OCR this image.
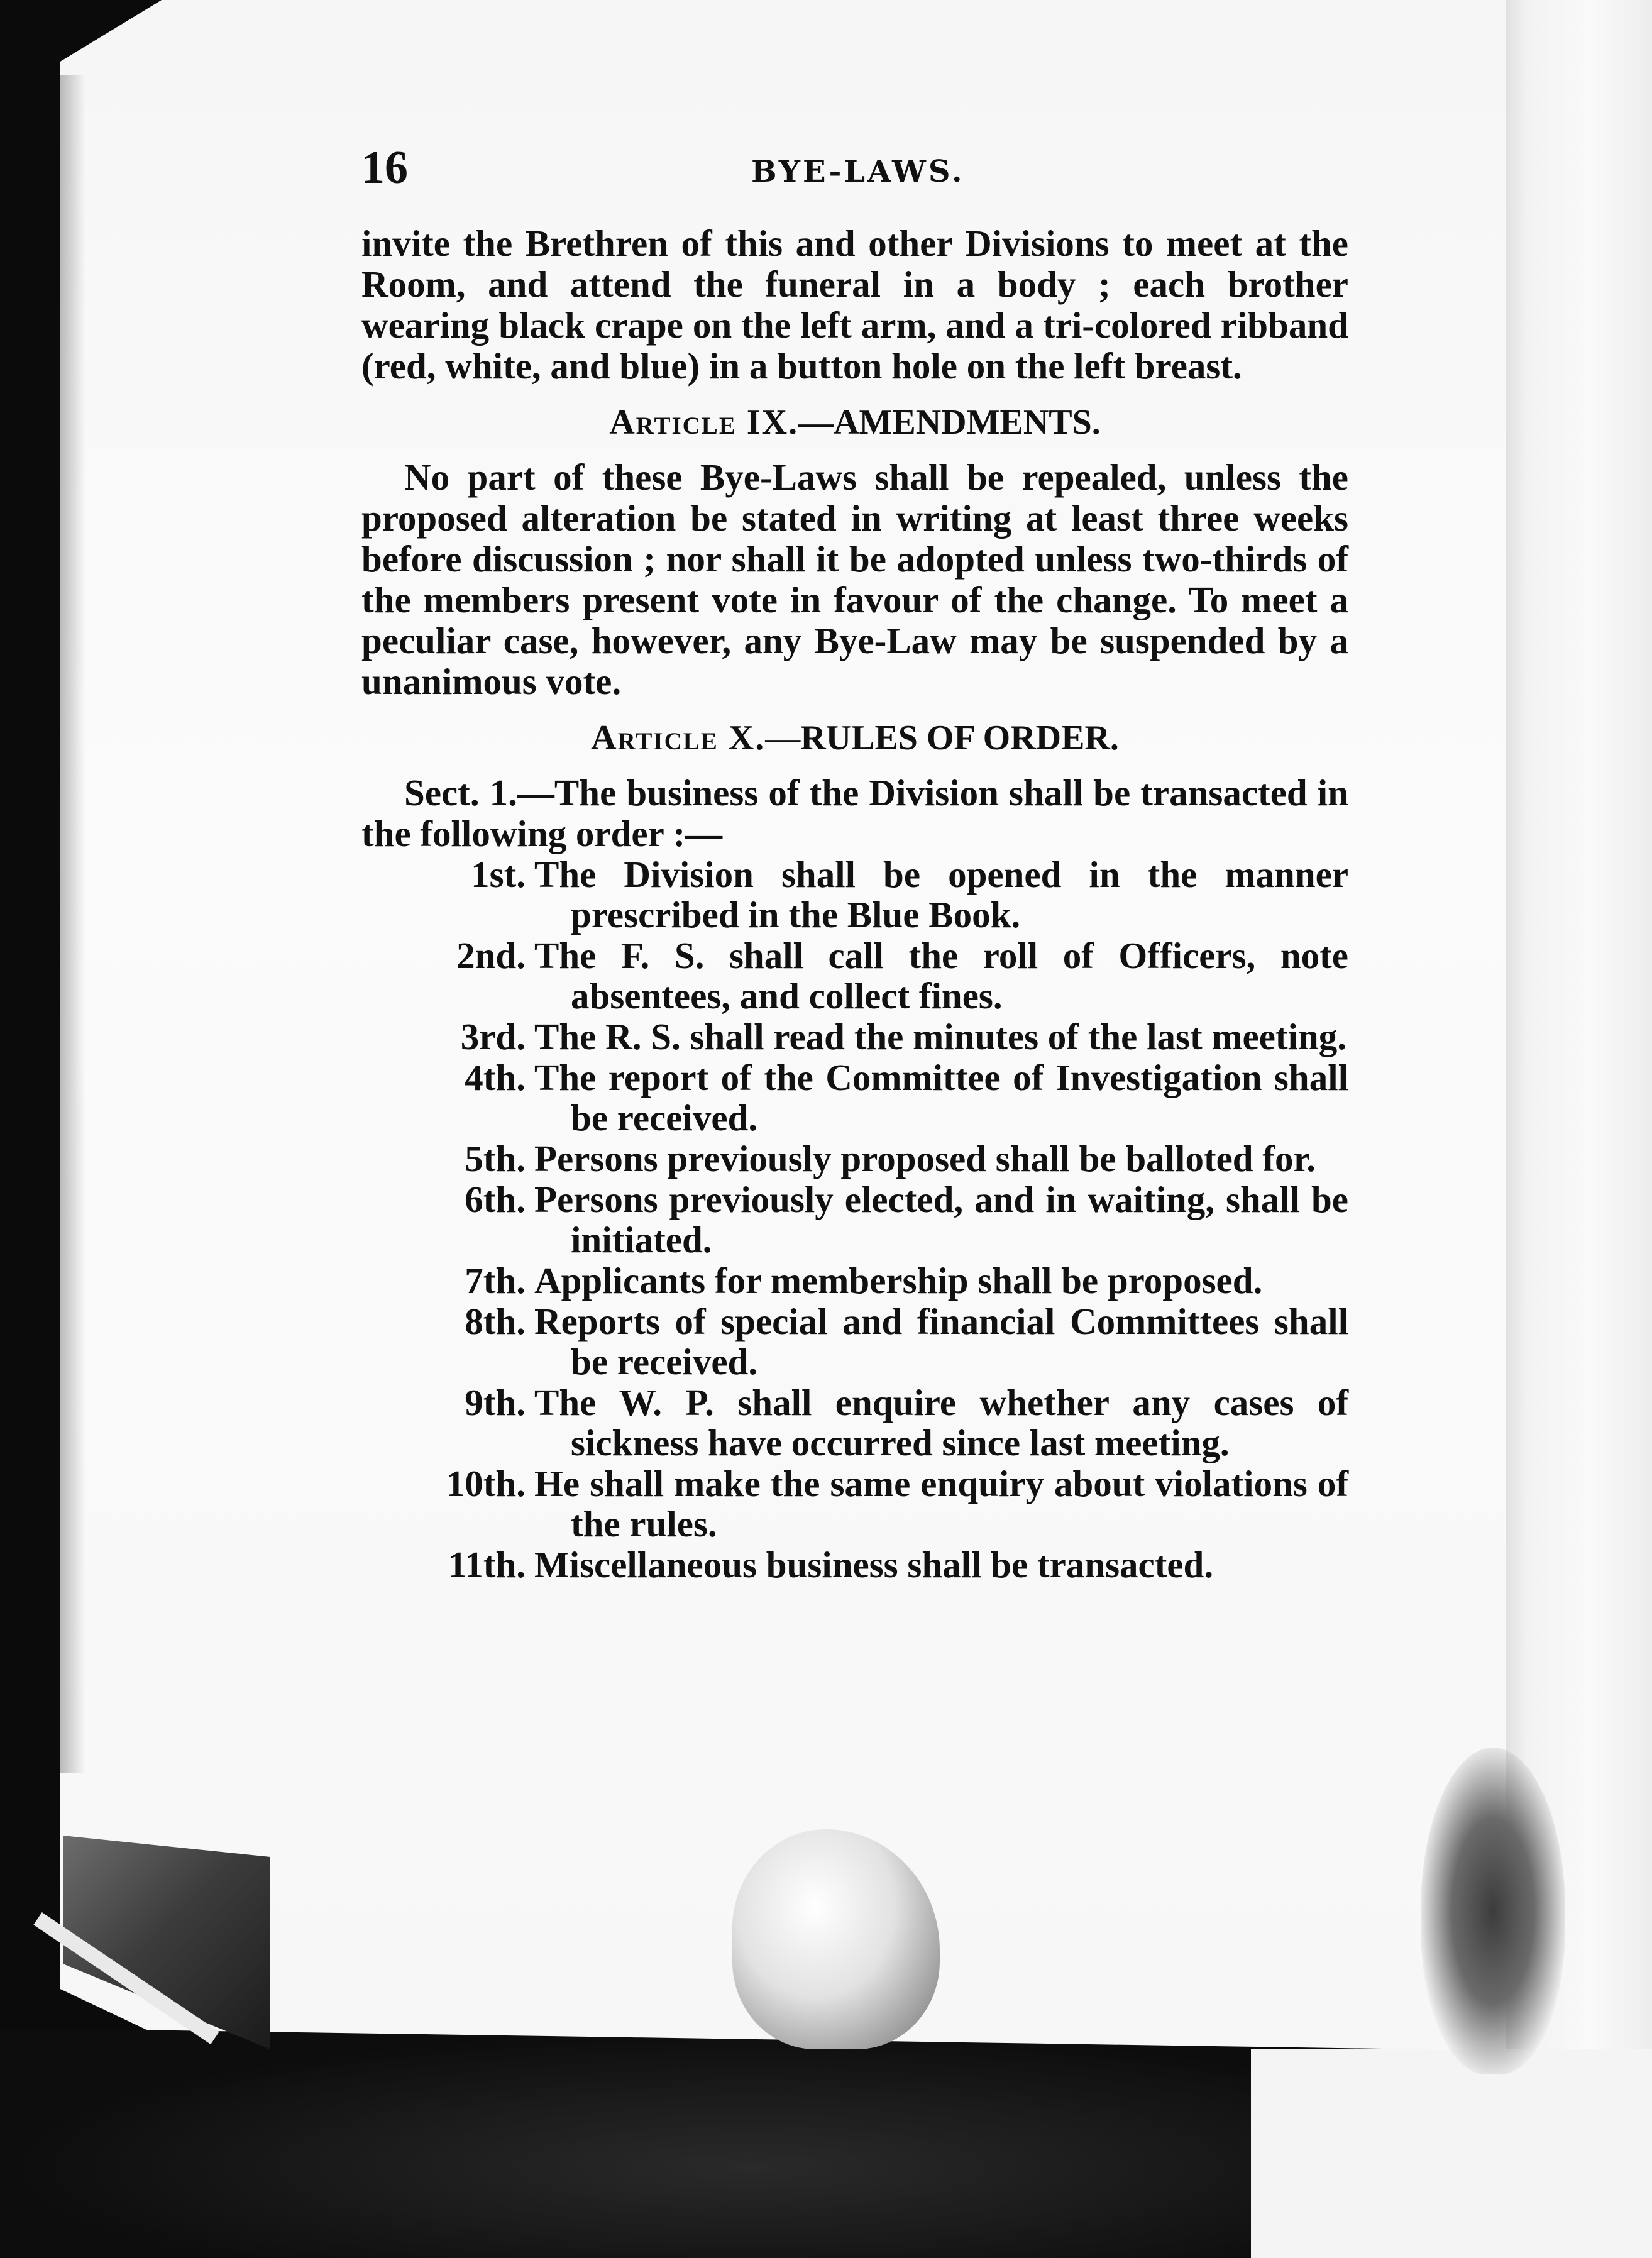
16	BYE-LAWS.

invite the Brethren of this and other Divisions to meet at the Room, and attend the funeral in a body ; each brother wearing black crape on the left arm, and a tri-colored ribband (red, white, and blue) in a button hole on the left breast.

Article IX.—AMENDMENTS.

No part of these Bye-Laws shall be repealed, unless the proposed alteration be stated in writing at least three weeks before discussion ; nor shall it be adopted unless two-thirds of the members present vote in favour of the change. To meet a peculiar case, however, any Bye-Law may be suspended by a unanimous vote.

Article X.—RULES OF ORDER.

Sect. 1.—The business of the Division shall be transacted in the following order :—

1st. The Division shall be opened in the manner prescribed in the Blue Book.
2nd. The F. S. shall call the roll of Officers, note absentees, and collect fines.
3rd. The R. S. shall read the minutes of the last meeting.
4th. The report of the Committee of Investigation shall be received.
5th. Persons previously proposed shall be balloted for.
6th. Persons previously elected, and in waiting, shall be initiated.
7th. Applicants for membership shall be proposed.
8th. Reports of special and financial Committees shall be received.
9th. The W. P. shall enquire whether any cases of sickness have occurred since last meeting.
10th. He shall make the same enquiry about violations of the rules.
11th. Miscellaneous business shall be transacted.
